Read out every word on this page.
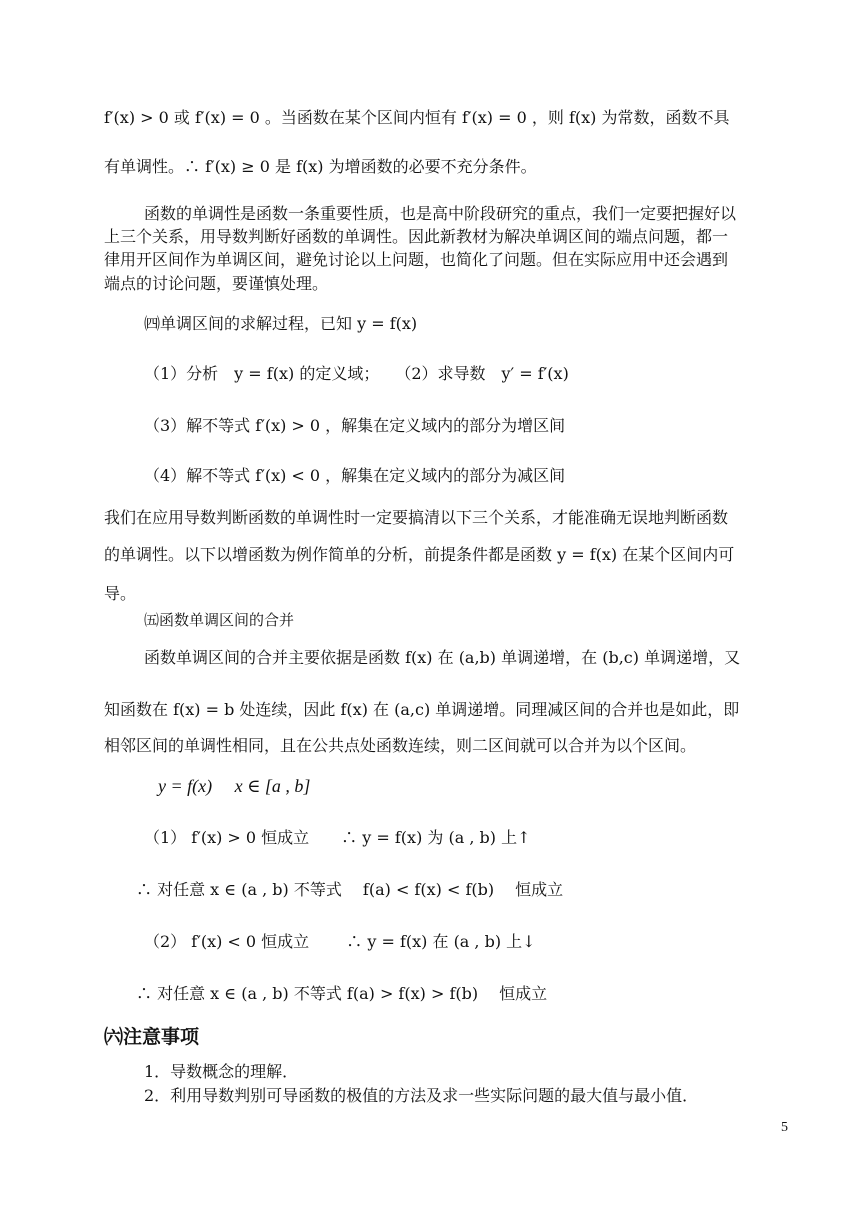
f′(x) > 0 或 f′(x) = 0 。当函数在某个区间内恒有 f′(x) = 0 ，则 f(x) 为常数，函数不具
有单调性。∴ f′(x) ≥ 0 是 f(x) 为增函数的必要不充分条件。
函数的单调性是函数一条重要性质，也是高中阶段研究的重点，我们一定要把握好以
上三个关系，用导数判断好函数的单调性。因此新教材为解决单调区间的端点问题，都一
律用开区间作为单调区间，避免讨论以上问题，也简化了问题。但在实际应用中还会遇到
端点的讨论问题，要谨慎处理。
㈣单调区间的求解过程，已知 y = f(x)
（1）分析　y = f(x) 的定义域；　　（2）求导数　y′ = f′(x)
（3）解不等式 f′(x) > 0 ，解集在定义域内的部分为增区间
（4）解不等式 f′(x) < 0 ，解集在定义域内的部分为减区间
我们在应用导数判断函数的单调性时一定要搞清以下三个关系，才能准确无误地判断函数
的单调性。以下以增函数为例作简单的分析，前提条件都是函数 y = f(x) 在某个区间内可
导。
㈤函数单调区间的合并
函数单调区间的合并主要依据是函数 f(x) 在 (a,b) 单调递增，在 (b,c) 单调递增，又
知函数在 f(x) = b 处连续，因此 f(x) 在 (a,c) 单调递增。同理减区间的合并也是如此，即
相邻区间的单调性相同，且在公共点处函数连续，则二区间就可以合并为以个区间。
y = f(x)　 x ∈ [a , b]
（1） f′(x) > 0 恒成立　　∴ y = f(x) 为 (a , b) 上↑
∴ 对任意 x ∈ (a , b) 不等式　 f(a) < f(x) < f(b)　 恒成立
（2） f′(x) < 0 恒成立　　 ∴ y = f(x) 在 (a , b) 上↓
∴ 对任意 x ∈ (a , b) 不等式 f(a) > f(x) > f(b)　 恒成立
㈥注意事项
1．导数概念的理解．
2．利用导数判别可导函数的极值的方法及求一些实际问题的最大值与最小值．
5
